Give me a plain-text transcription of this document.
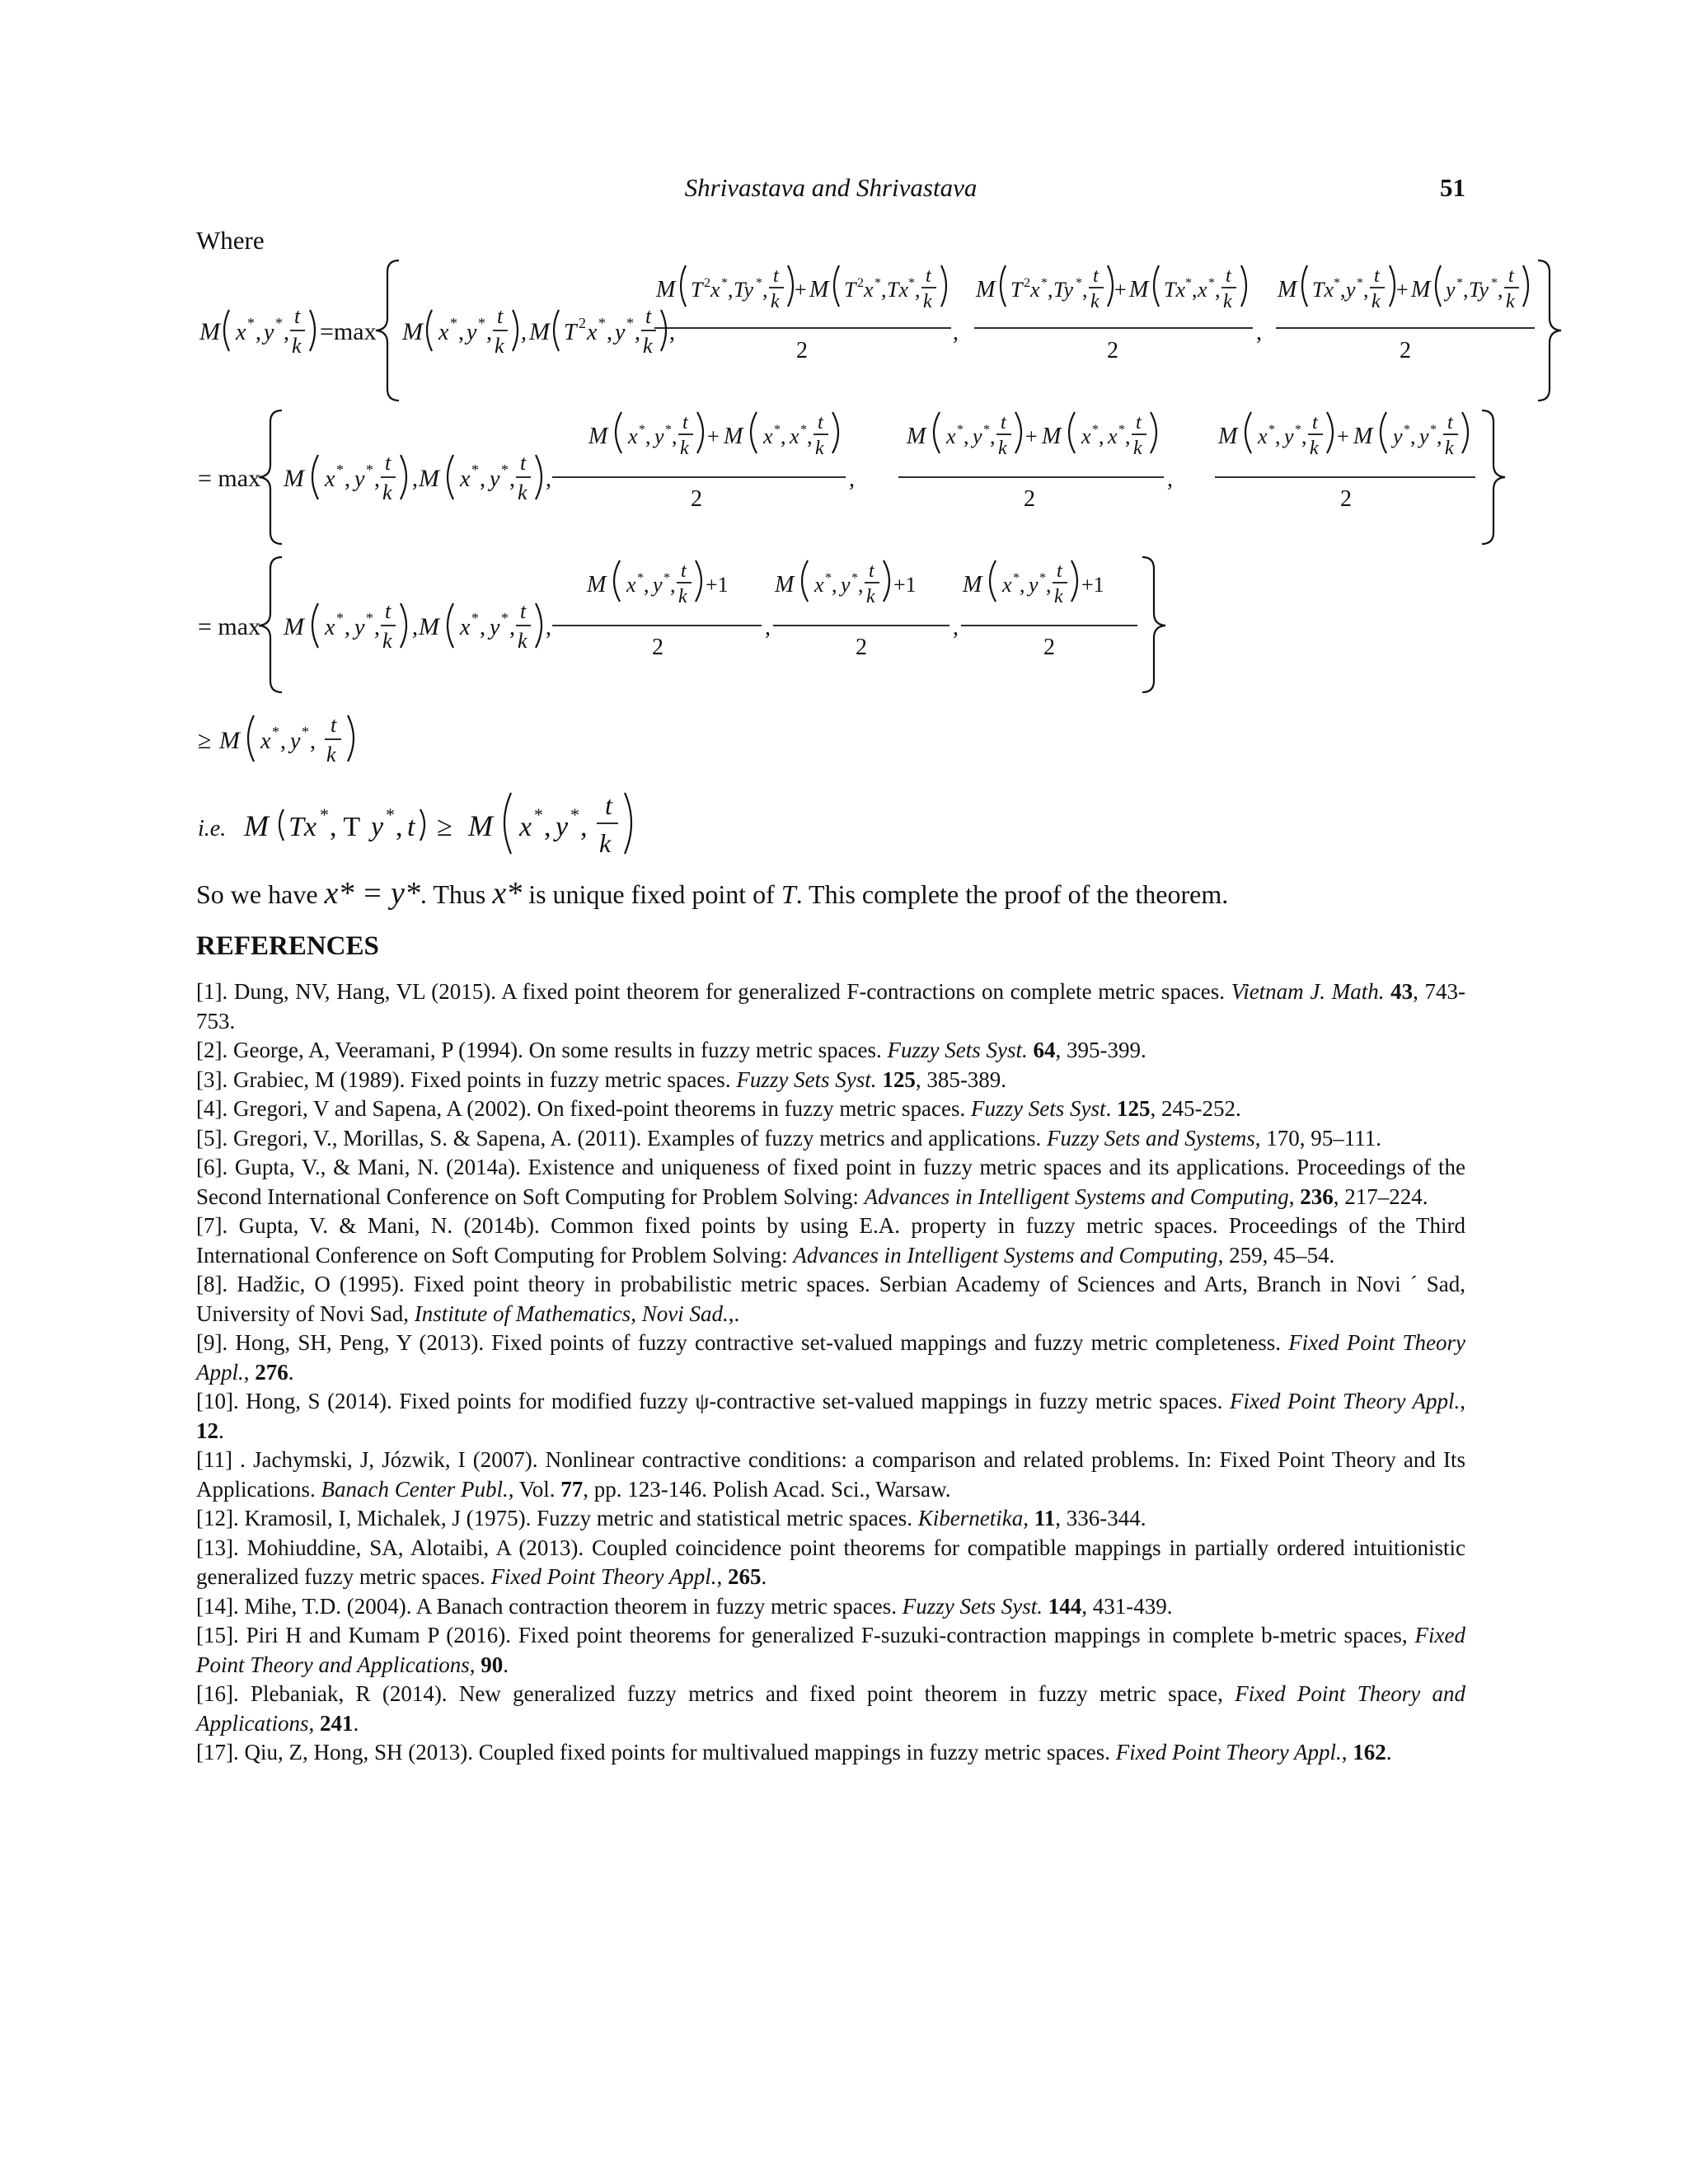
Shrivastava and Shrivastava	51
Where
M x * , y * ,
t
k
=max M x * , y * ,
t
k
, M T 2 x * , y * ,
t
k
,
M T 2 x * , Ty * ,
t
k + M T 2 x * , Tx * ,
t
k
2
,
M T 2 x * , Ty * ,
t
k + M Tx * , x * ,
t
k
2
,
M Tx * , y * ,
t
k + M y * , Ty * ,
t
k
2
= max M x * , y * ,
t
k
, M x * , y * ,
t
k
,
M x * , y * ,
t
k + M x * , x * ,
t
k
2
,
M x * , y * ,
t
k + M x * , x * ,
t
k
2
,
M x * , y * ,
t
k + M y * , y * ,
t
k
2
= max M x * , y * ,
t
k
, M x * , y * ,
t
k
,
M x * , y * ,
t
k +1
2
,
M x * , y * ,
t
k +1
2
,
M x * , y * ,
t
k +1
2
≥ M x * , y * ,
t
k
i.e. M Tx * , T y * , t ≥ M x * , y * ,
t
k
So we have x* = y*. Thus x* is unique fixed point of T. This complete the proof of the theorem.
REFERENCES
[1]. Dung, NV, Hang, VL (2015). A fixed point theorem for generalized F-contractions on complete metric spaces. Vietnam J. Math. 43, 743-753.
[2]. George, A, Veeramani, P (1994). On some results in fuzzy metric spaces. Fuzzy Sets Syst. 64, 395-399.
[3]. Grabiec, M (1989). Fixed points in fuzzy metric spaces. Fuzzy Sets Syst. 125, 385-389.
[4]. Gregori, V and Sapena, A (2002). On fixed-point theorems in fuzzy metric spaces. Fuzzy Sets Syst. 125, 245-252.
[5]. Gregori, V., Morillas, S. & Sapena, A. (2011). Examples of fuzzy metrics and applications. Fuzzy Sets and Systems, 170, 95–111.
[6]. Gupta, V., & Mani, N. (2014a). Existence and uniqueness of fixed point in fuzzy metric spaces and its applications. Proceedings of the Second International Conference on Soft Computing for Problem Solving: Advances in Intelligent Systems and Computing, 236, 217–224.
[7]. Gupta, V. & Mani, N. (2014b). Common fixed points by using E.A. property in fuzzy metric spaces. Proceedings of the Third International Conference on Soft Computing for Problem Solving: Advances in Intelligent Systems and Computing, 259, 45–54.
[8]. Hadžic, O (1995). Fixed point theory in probabilistic metric spaces. Serbian Academy of Sciences and Arts, Branch in Novi ´ Sad, University of Novi Sad, Institute of Mathematics, Novi Sad.,.
[9]. Hong, SH, Peng, Y (2013). Fixed points of fuzzy contractive set-valued mappings and fuzzy metric completeness. Fixed Point Theory Appl., 276.
[10]. Hong, S (2014). Fixed points for modified fuzzy ψ-contractive set-valued mappings in fuzzy metric spaces. Fixed Point Theory Appl., 12.
[11] . Jachymski, J, Józwik, I (2007). Nonlinear contractive conditions: a comparison and related problems. In: Fixed Point Theory and Its Applications. Banach Center Publ., Vol. 77, pp. 123-146. Polish Acad. Sci., Warsaw.
[12]. Kramosil, I, Michalek, J (1975). Fuzzy metric and statistical metric spaces. Kibernetika, 11, 336-344.
[13]. Mohiuddine, SA, Alotaibi, A (2013). Coupled coincidence point theorems for compatible mappings in partially ordered intuitionistic generalized fuzzy metric spaces. Fixed Point Theory Appl., 265.
[14]. Mihe, T.D. (2004). A Banach contraction theorem in fuzzy metric spaces. Fuzzy Sets Syst. 144, 431-439.
[15]. Piri H and Kumam P (2016). Fixed point theorems for generalized F-suzuki-contraction mappings in complete b-metric spaces, Fixed Point Theory and Applications, 90.
[16]. Plebaniak, R (2014). New generalized fuzzy metrics and fixed point theorem in fuzzy metric space, Fixed Point Theory and Applications, 241.
[17]. Qiu, Z, Hong, SH (2013). Coupled fixed points for multivalued mappings in fuzzy metric spaces. Fixed Point Theory Appl., 162.
